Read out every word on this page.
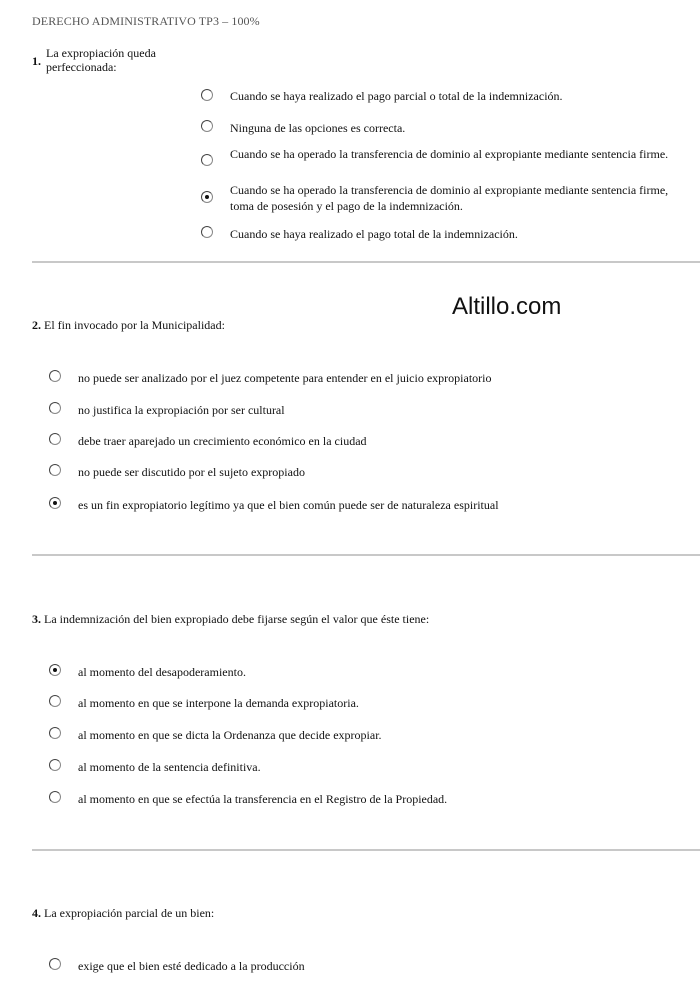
DERECHO ADMINISTRATIVO TP3 – 100%
1.
La expropiación queda perfeccionada:
Cuando se haya realizado el pago parcial o total de la indemnización.
Ninguna de las opciones es correcta.
Cuando se ha operado la transferencia de dominio al expropiante mediante sentencia firme.
Cuando se ha operado la transferencia de dominio al expropiante mediante sentencia firme, toma de posesión y el pago de la indemnización.
Cuando se haya realizado el pago total de la indemnización.
Altillo.com
2. El fin invocado por la Municipalidad:
no puede ser analizado por el juez competente para entender en el juicio expropiatorio
no justifica la expropiación por ser cultural
debe traer aparejado un crecimiento económico en la ciudad
no puede ser discutido por el sujeto expropiado
es un fin expropiatorio legítimo ya que el bien común puede ser de naturaleza espiritual
3. La indemnización del bien expropiado debe fijarse según el valor que éste tiene:
al momento del desapoderamiento.
al momento en que se interpone la demanda expropiatoria.
al momento en que se dicta la Ordenanza que decide expropiar.
al momento de la sentencia definitiva.
al momento en que se efectúa la transferencia en el Registro de la Propiedad.
4. La expropiación parcial de un bien:
exige que el bien esté dedicado a la producción
